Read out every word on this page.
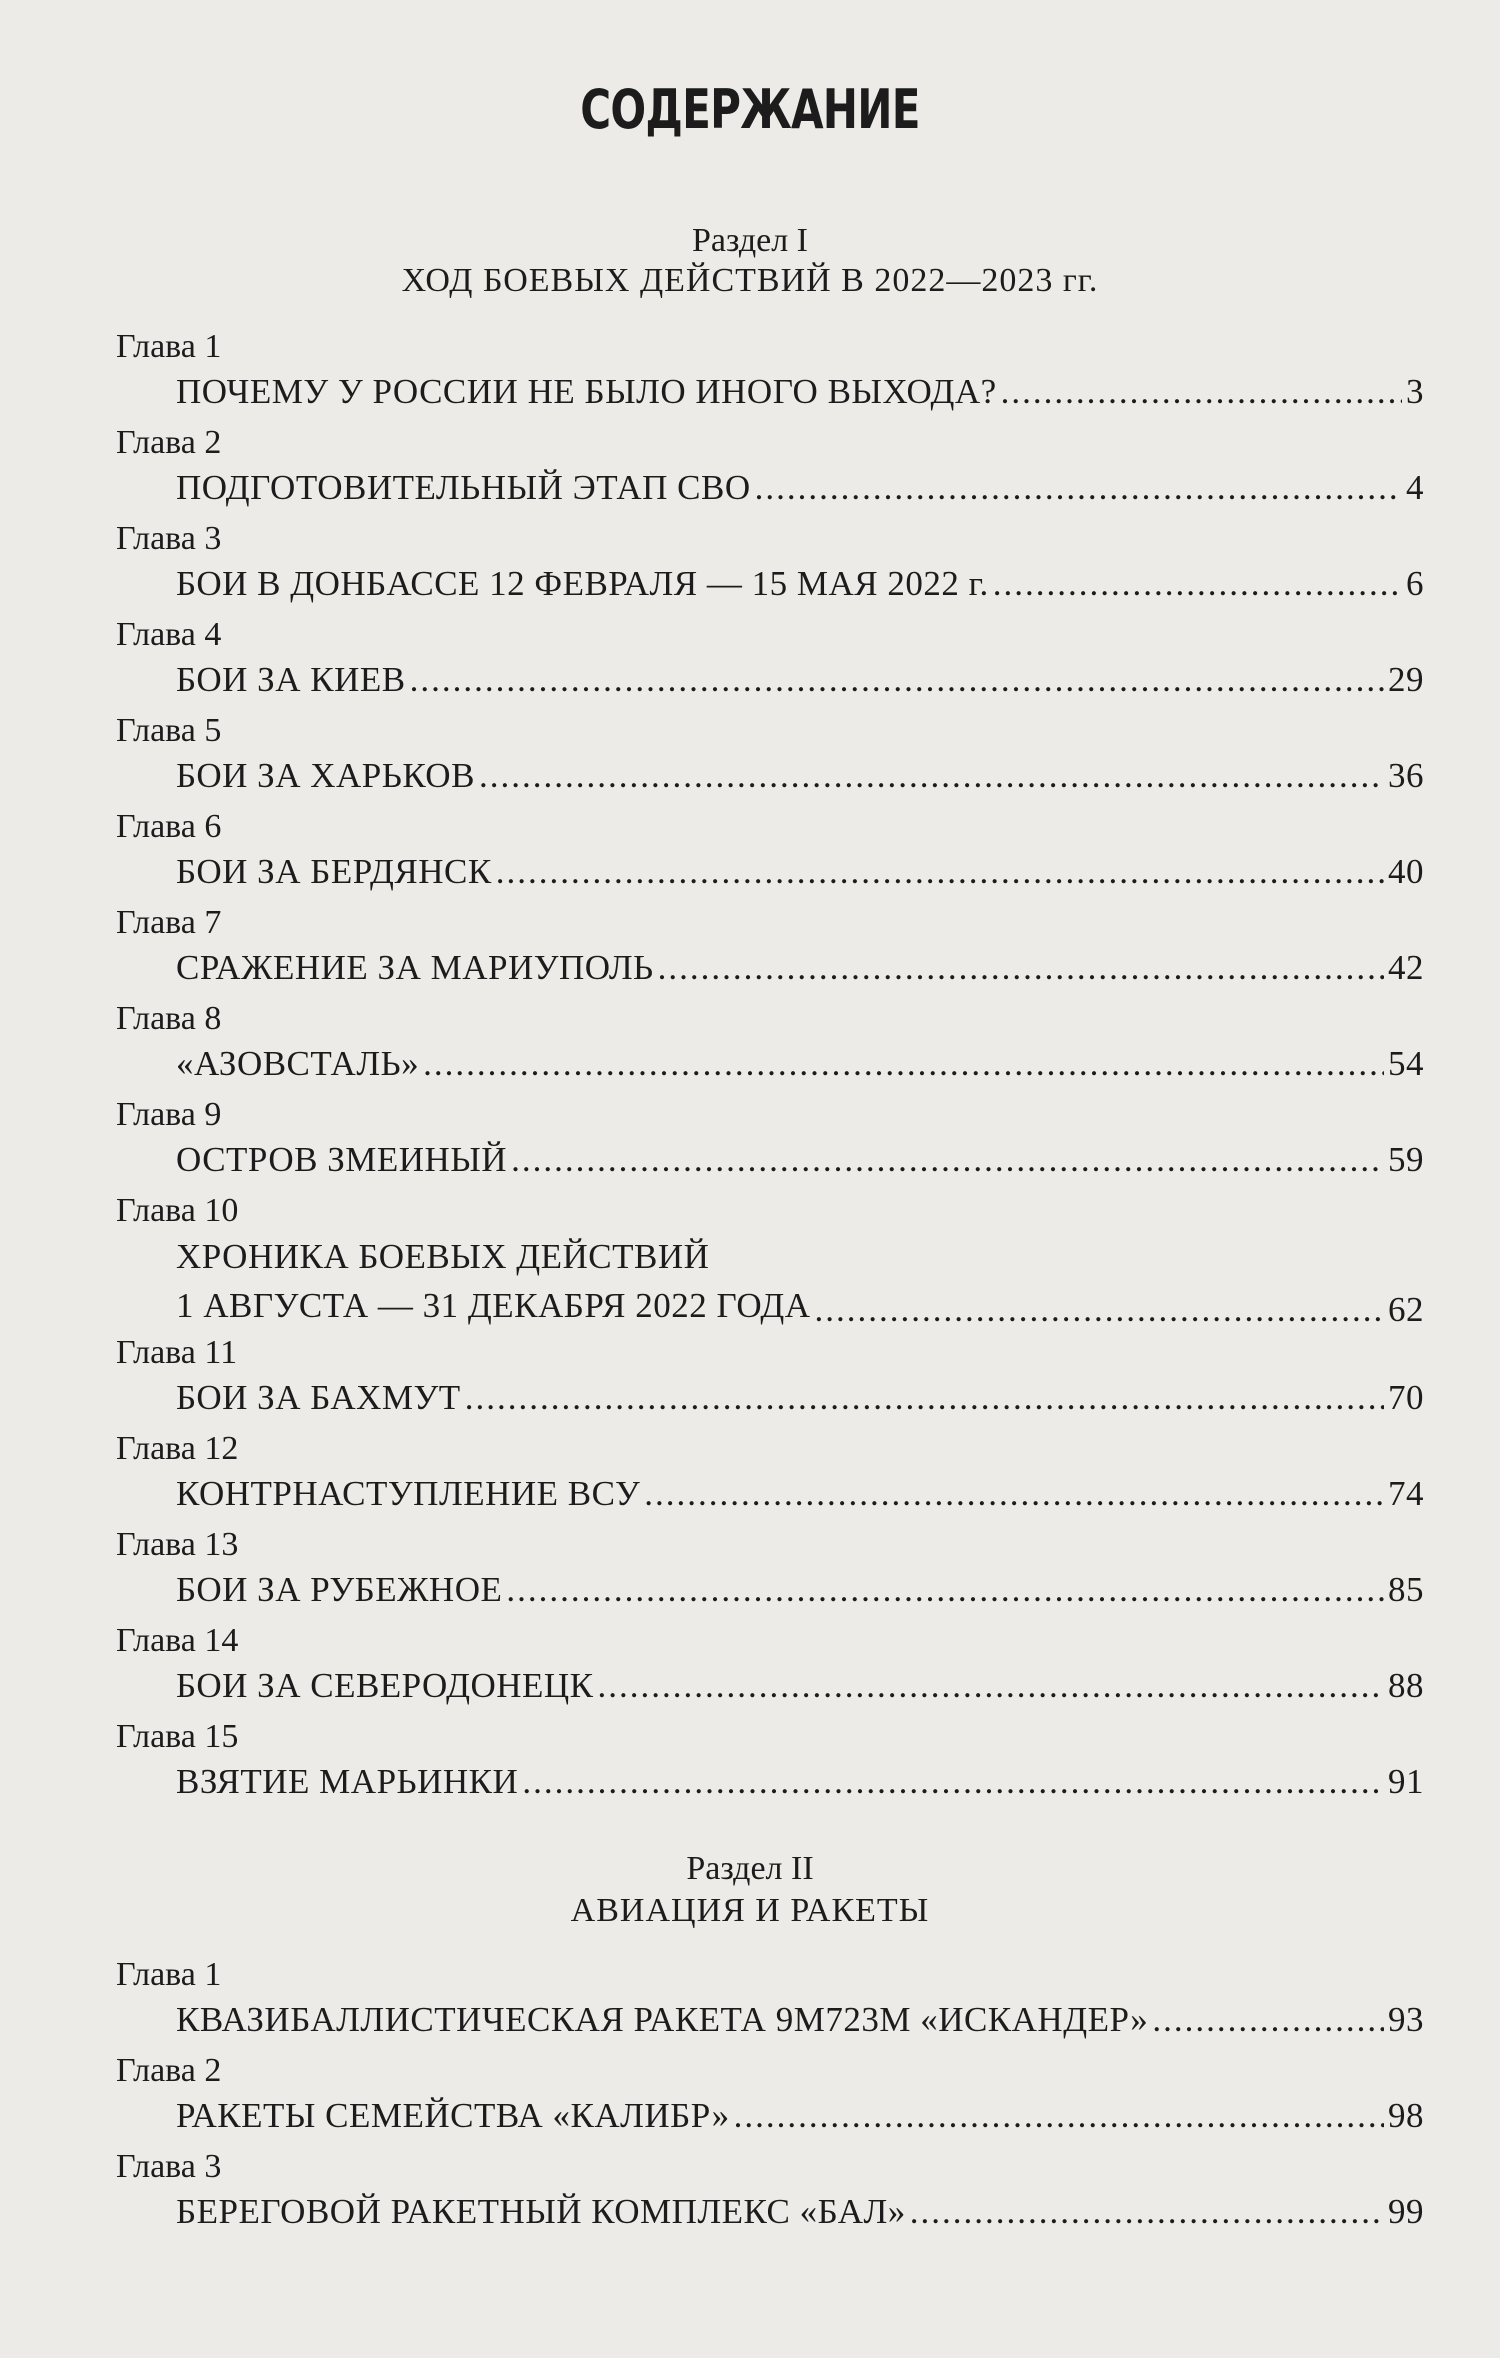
СОДЕРЖАНИЕ
Раздел I
ХОД БОЕВЫХ ДЕЙСТВИЙ В 2022—2023 гг.
Глава 1
ПОЧЕМУ У РОССИИ НЕ БЫЛО ИНОГО ВЫХОДА? .....	3
Глава 2
ПОДГОТОВИТЕЛЬНЫЙ ЭТАП СВО .....	4
Глава 3
БОИ В ДОНБАССЕ 12 ФЕВРАЛЯ — 15 МАЯ 2022 г. .....	6
Глава 4
БОИ ЗА КИЕВ .....	29
Глава 5
БОИ ЗА ХАРЬКОВ .....	36
Глава 6
БОИ ЗА БЕРДЯНСК .....	40
Глава 7
СРАЖЕНИЕ ЗА МАРИУПОЛЬ .....	42
Глава 8
«АЗОВСТАЛЬ» .....	54
Глава 9
ОСТРОВ ЗМЕИНЫЙ .....	59
Глава 10
ХРОНИКА БОЕВЫХ ДЕЙСТВИЙ
1 АВГУСТА — 31 ДЕКАБРЯ 2022 ГОДА .....	62
Глава 11
БОИ ЗА БАХМУТ .....	70
Глава 12
КОНТРНАСТУПЛЕНИЕ ВСУ .....	74
Глава 13
БОИ ЗА РУБЕЖНОЕ .....	85
Глава 14
БОИ ЗА СЕВЕРОДОНЕЦК .....	88
Глава 15
ВЗЯТИЕ МАРЬИНКИ .....	91
Раздел II
АВИАЦИЯ И РАКЕТЫ
Глава 1
КВАЗИБАЛЛИСТИЧЕСКАЯ РАКЕТА 9М723М «ИСКАНДЕР» .....	93
Глава 2
РАКЕТЫ СЕМЕЙСТВА «КАЛИБР» .....	98
Глава 3
БЕРЕГОВОЙ РАКЕТНЫЙ КОМПЛЕКС «БАЛ» .....	99
